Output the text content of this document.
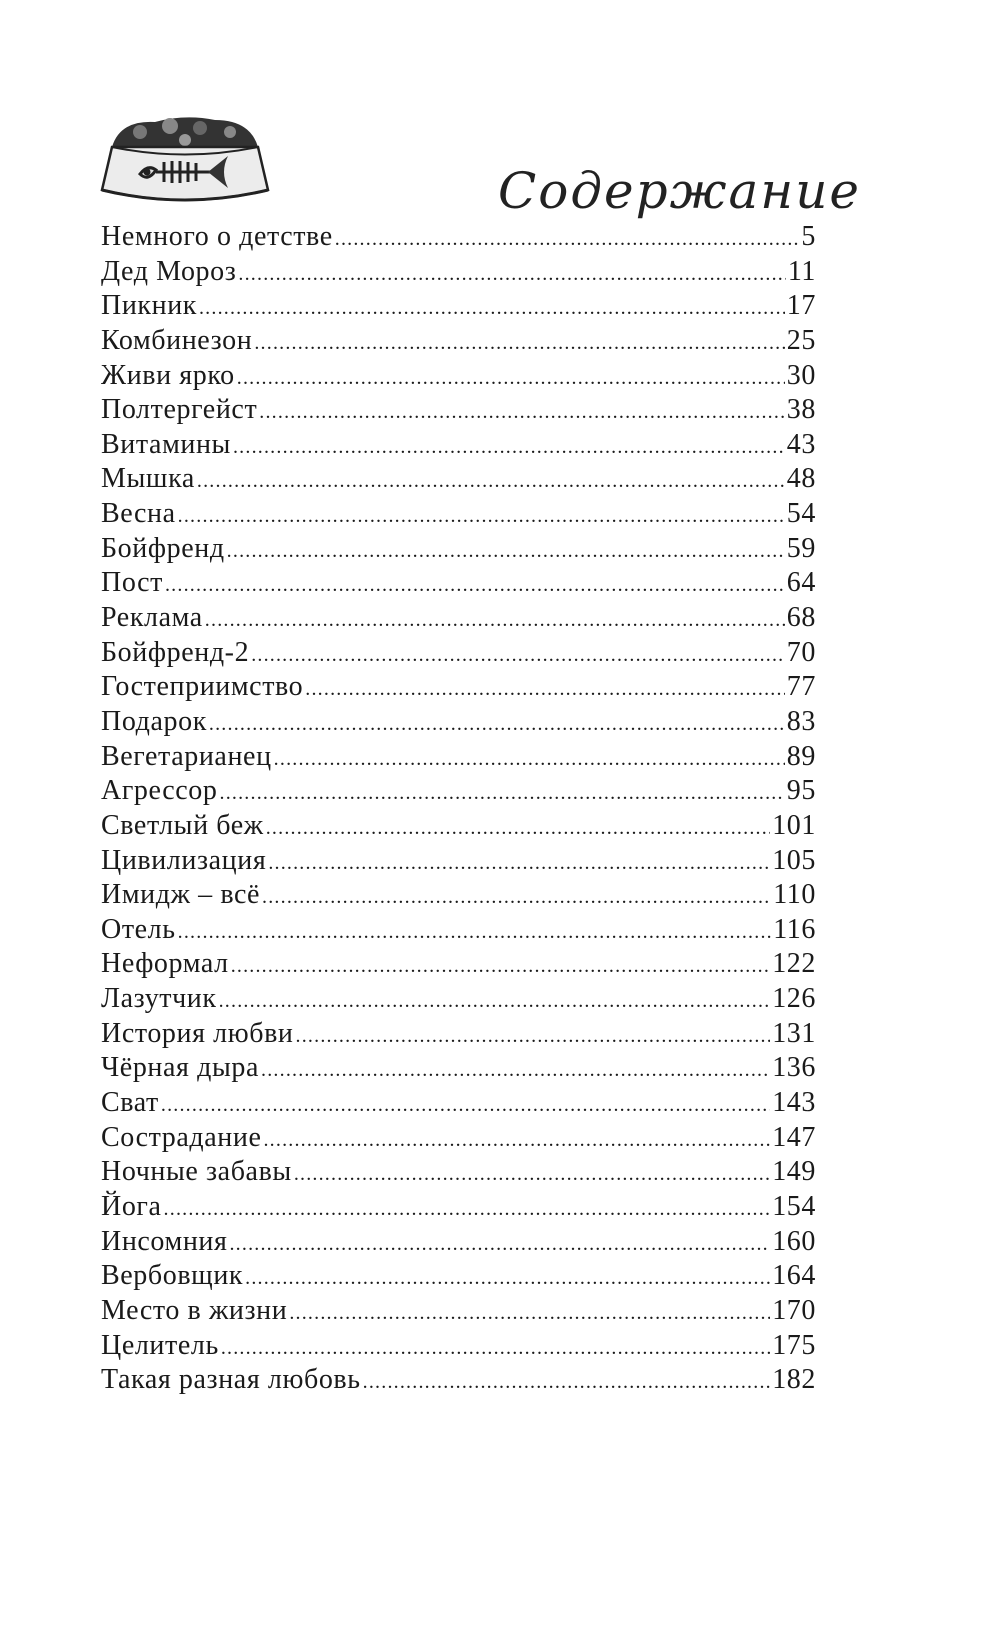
Содержание
Немного о детстве .....	5
Дед Мороз .....	11
Пикник .....	17
Комбинезон .....	25
Живи ярко .....	30
Полтергейст .....	38
Витамины .....	43
Мышка .....	48
Весна .....	54
Бойфренд .....	59
Пост .....	64
Реклама .....	68
Бойфренд-2 .....	70
Гостеприимство .....	77
Подарок .....	83
Вегетарианец .....	89
Агрессор .....	95
Светлый беж .....	101
Цивилизация .....	105
Имидж – всё .....	110
Отель .....	116
Неформал .....	122
Лазутчик .....	126
История любви .....	131
Чёрная дыра .....	136
Сват .....	143
Сострадание .....	147
Ночные забавы .....	149
Йога .....	154
Инсомния .....	160
Вербовщик .....	164
Место в жизни .....	170
Целитель .....	175
Такая разная любовь .....	182
